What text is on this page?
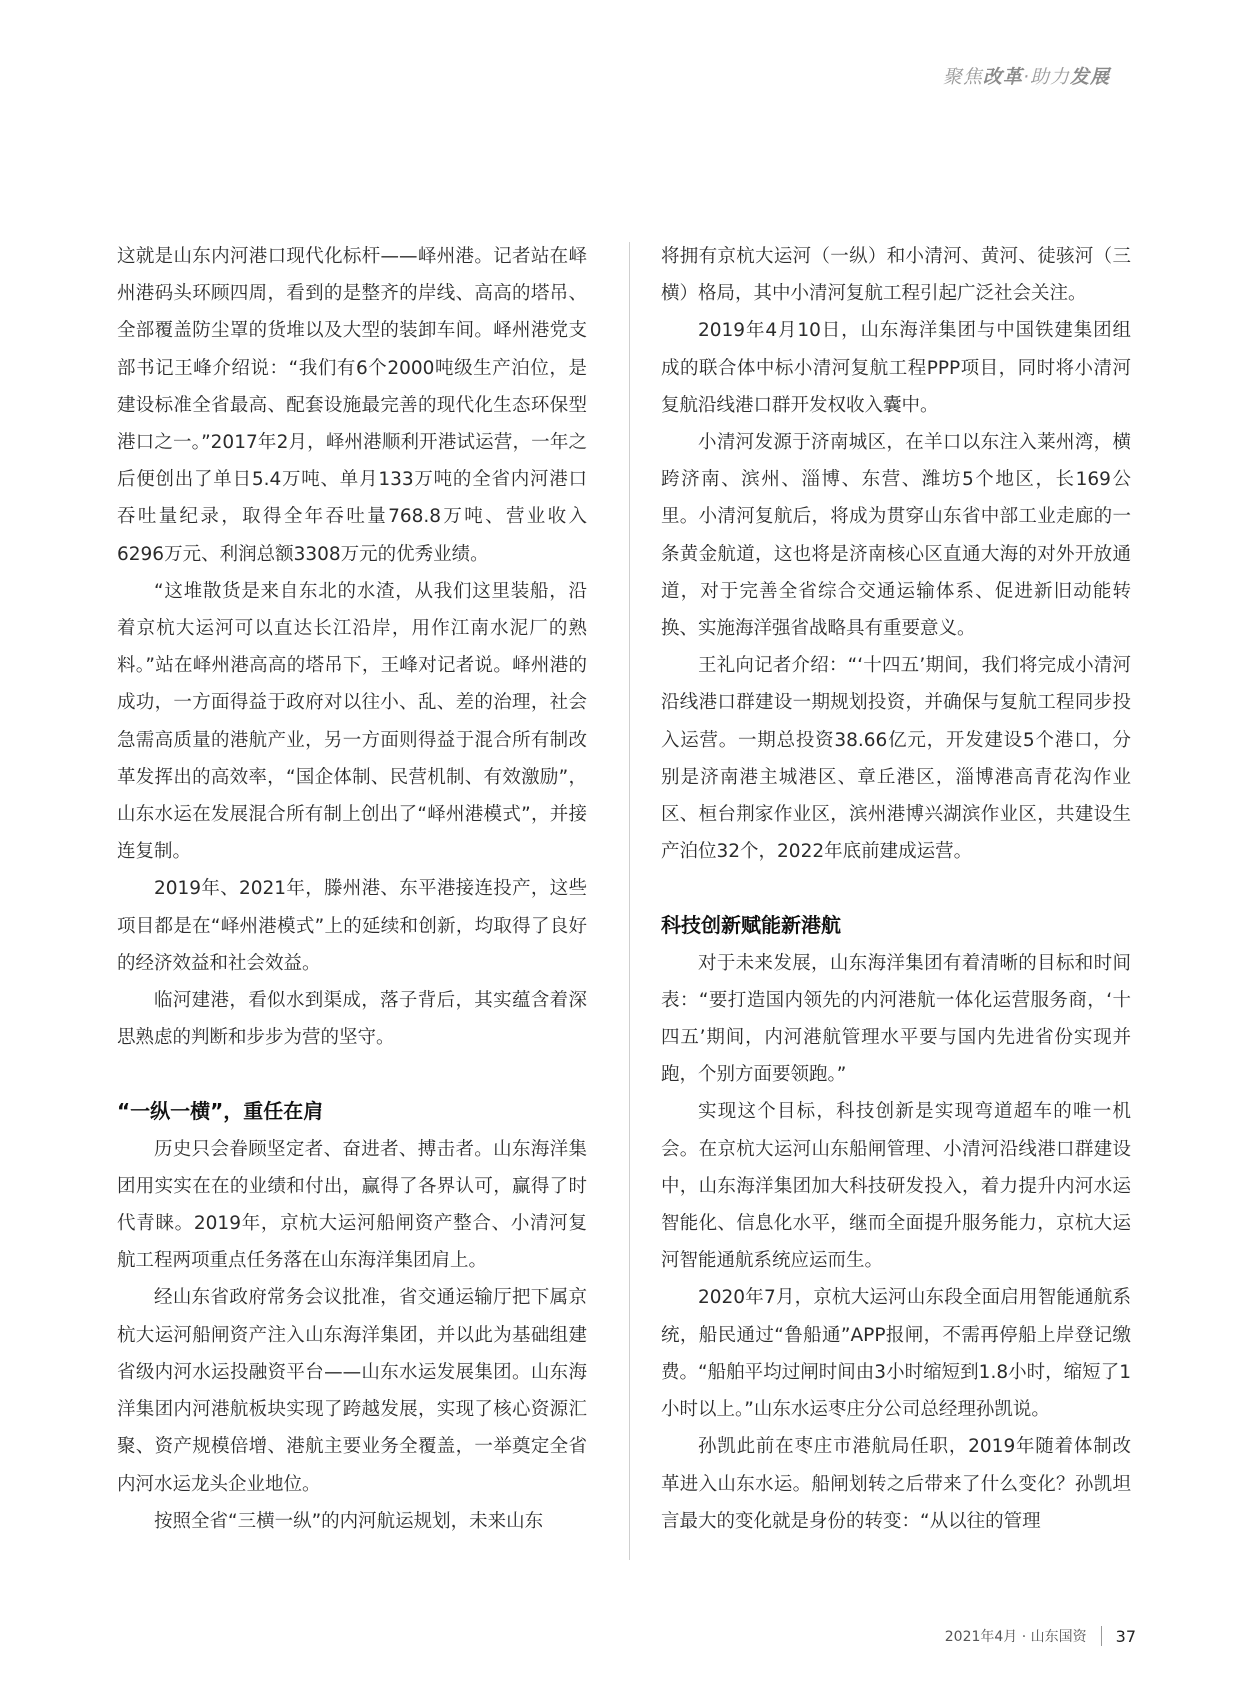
聚焦改革·助力发展

这就是山东内河港口现代化标杆——峄州港。记者站在峄州港码头环顾四周，看到的是整齐的岸线、高高的塔吊、全部覆盖防尘罩的货堆以及大型的装卸车间。峄州港党支部书记王峰介绍说：“我们有6个2000吨级生产泊位，是建设标准全省最高、配套设施最完善的现代化生态环保型港口之一。”2017年2月，峄州港顺利开港试运营，一年之后便创出了单日5.4万吨、单月133万吨的全省内河港口吞吐量纪录，取得全年吞吐量768.8万吨、营业收入6296万元、利润总额3308万元的优秀业绩。

“这堆散货是来自东北的水渣，从我们这里装船，沿着京杭大运河可以直达长江沿岸，用作江南水泥厂的熟料。”站在峄州港高高的塔吊下，王峰对记者说。峄州港的成功，一方面得益于政府对以往小、乱、差的治理，社会急需高质量的港航产业，另一方面则得益于混合所有制改革发挥出的高效率，“国企体制、民营机制、有效激励”，山东水运在发展混合所有制上创出了“峄州港模式”，并接连复制。

2019年、2021年，滕州港、东平港接连投产，这些项目都是在“峄州港模式”上的延续和创新，均取得了良好的经济效益和社会效益。

临河建港，看似水到渠成，落子背后，其实蕴含着深思熟虑的判断和步步为营的坚守。

“一纵一横”，重任在肩

历史只会眷顾坚定者、奋进者、搏击者。山东海洋集团用实实在在的业绩和付出，赢得了各界认可，赢得了时代青睐。2019年，京杭大运河船闸资产整合、小清河复航工程两项重点任务落在山东海洋集团肩上。

经山东省政府常务会议批准，省交通运输厅把下属京杭大运河船闸资产注入山东海洋集团，并以此为基础组建省级内河水运投融资平台——山东水运发展集团。山东海洋集团内河港航板块实现了跨越发展，实现了核心资源汇聚、资产规模倍增、港航主要业务全覆盖，一举奠定全省内河水运龙头企业地位。

按照全省“三横一纵”的内河航运规划，未来山东

将拥有京杭大运河（一纵）和小清河、黄河、徒骇河（三横）格局，其中小清河复航工程引起广泛社会关注。

2019年4月10日，山东海洋集团与中国铁建集团组成的联合体中标小清河复航工程PPP项目，同时将小清河复航沿线港口群开发权收入囊中。

小清河发源于济南城区，在羊口以东注入莱州湾，横跨济南、滨州、淄博、东营、潍坊5个地区，长169公里。小清河复航后，将成为贯穿山东省中部工业走廊的一条黄金航道，这也将是济南核心区直通大海的对外开放通道，对于完善全省综合交通运输体系、促进新旧动能转换、实施海洋强省战略具有重要意义。

王礼向记者介绍：“‘十四五’期间，我们将完成小清河沿线港口群建设一期规划投资，并确保与复航工程同步投入运营。一期总投资38.66亿元，开发建设5个港口，分别是济南港主城港区、章丘港区，淄博港高青花沟作业区、桓台荆家作业区，滨州港博兴湖滨作业区，共建设生产泊位32个，2022年底前建成运营。

科技创新赋能新港航

对于未来发展，山东海洋集团有着清晰的目标和时间表：“要打造国内领先的内河港航一体化运营服务商，‘十四五’期间，内河港航管理水平要与国内先进省份实现并跑，个别方面要领跑。”

实现这个目标，科技创新是实现弯道超车的唯一机会。在京杭大运河山东船闸管理、小清河沿线港口群建设中，山东海洋集团加大科技研发投入，着力提升内河水运智能化、信息化水平，继而全面提升服务能力，京杭大运河智能通航系统应运而生。

2020年7月，京杭大运河山东段全面启用智能通航系统，船民通过“鲁船通”APP报闸，不需再停船上岸登记缴费。“船舶平均过闸时间由3小时缩短到1.8小时，缩短了1小时以上。”山东水运枣庄分公司总经理孙凯说。

孙凯此前在枣庄市港航局任职，2019年随着体制改革进入山东水运。船闸划转之后带来了什么变化？孙凯坦言最大的变化就是身份的转变：“从以往的管理

2021年4月 · 山东国资 37
